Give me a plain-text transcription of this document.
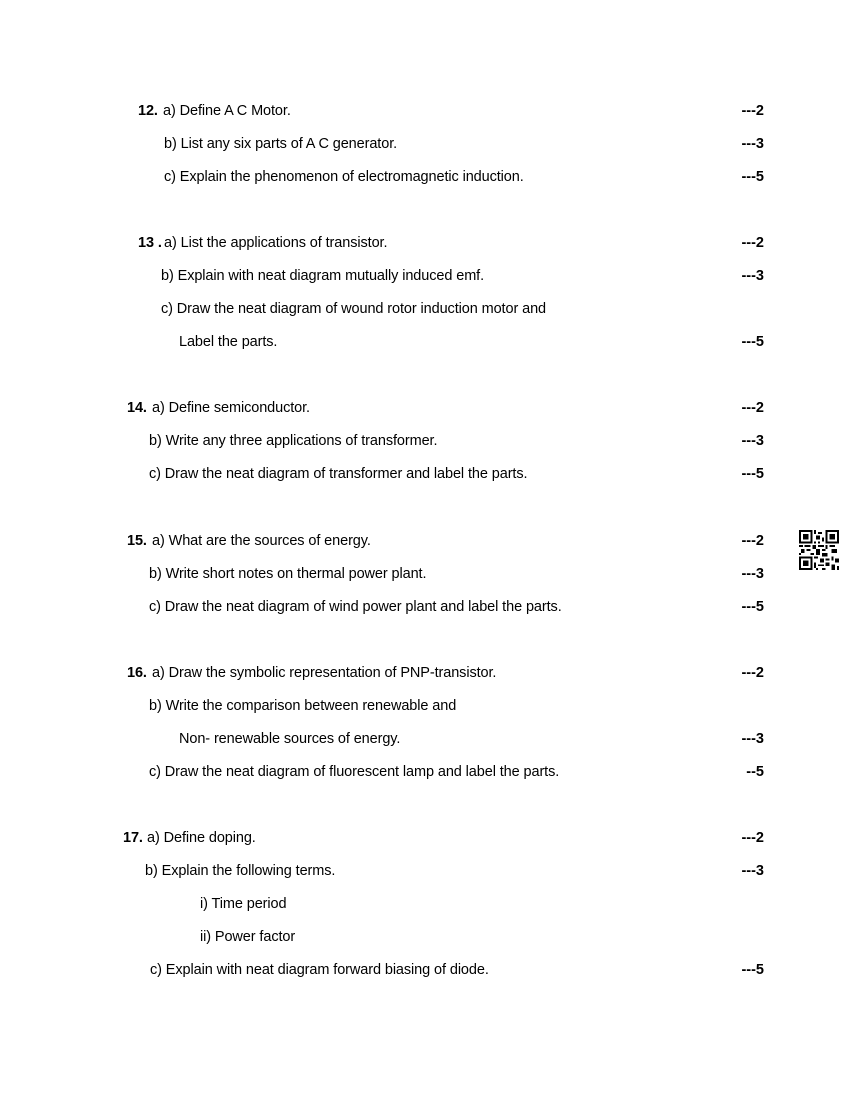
12. a) Define A C Motor.	---2
b) List any six parts of A C generator.	---3
c) Explain the phenomenon of electromagnetic induction.	---5
13 . a) List the applications of transistor.	---2
b) Explain with neat diagram mutually induced emf.	---3
c) Draw the neat diagram of wound rotor induction motor and
Label the parts.	---5
14. a) Define semiconductor.	---2
b) Write any three applications of transformer.	---3
c) Draw the neat diagram of transformer and label the parts.	---5
15. a) What are the sources of energy.	---2
b) Write short notes on thermal power plant.	---3
c) Draw the neat diagram of wind power plant and label the parts.	---5
16. a) Draw the symbolic representation of PNP-transistor.	---2
b) Write the comparison between renewable and
Non- renewable sources of energy.	---3
c) Draw the neat diagram of fluorescent lamp and label the parts.	--5
17. a) Define doping.	---2
b) Explain the following terms.	---3
i) Time period
ii) Power factor
c) Explain with neat diagram forward biasing of diode.	---5
